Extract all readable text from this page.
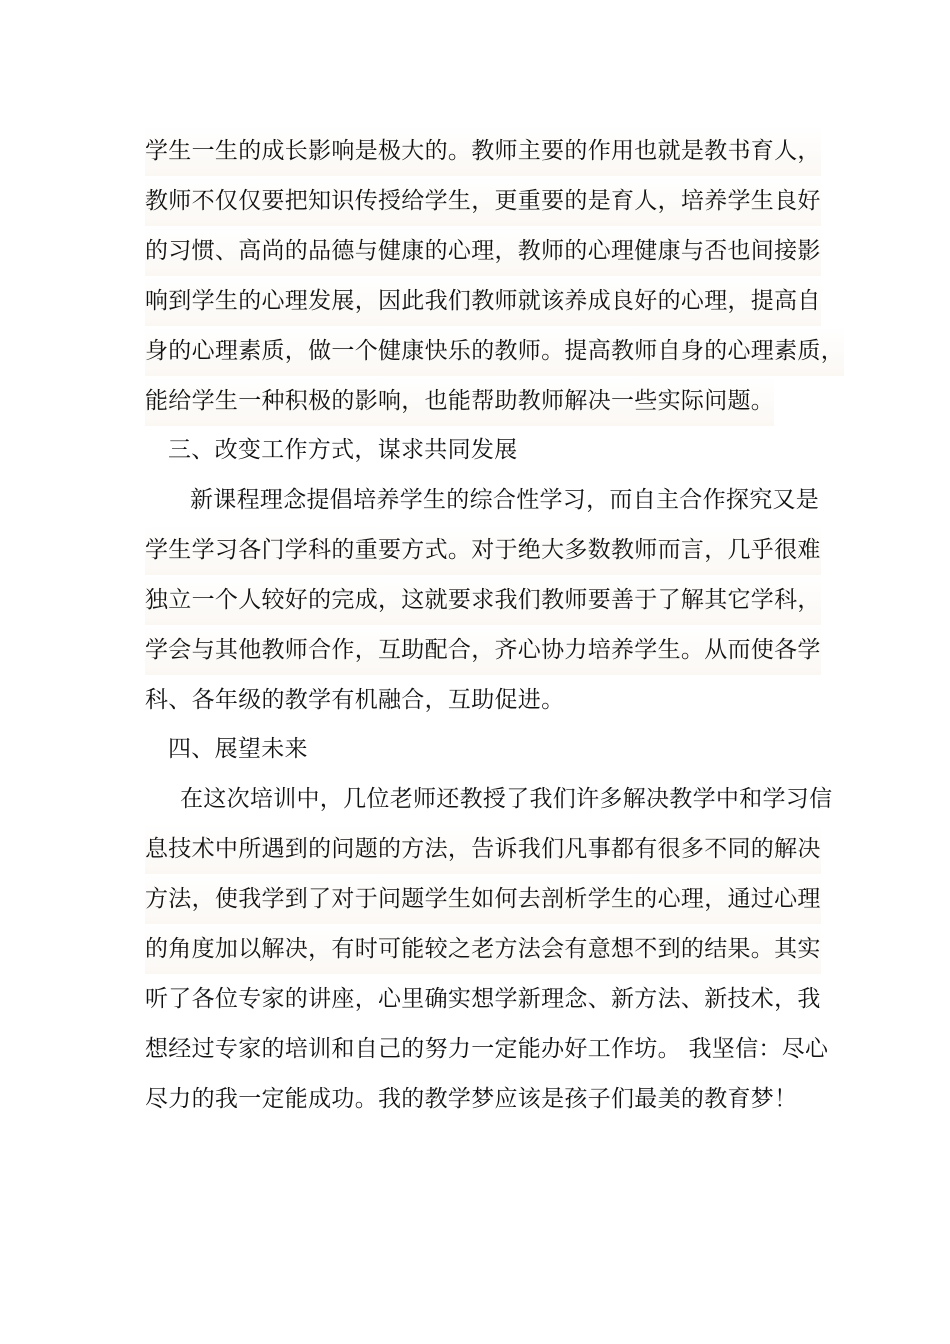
学生一生的成长影响是极大的。教师主要的作用也就是教书育人，
教师不仅仅要把知识传授给学生，更重要的是育人，培养学生良好
的习惯、高尚的品德与健康的心理，教师的心理健康与否也间接影
响到学生的心理发展，因此我们教师就该养成良好的心理，提高自
身的心理素质，做一个健康快乐的教师。提高教师自身的心理素质，
能给学生一种积极的影响，也能帮助教师解决一些实际问题。
三、改变工作方式，谋求共同发展
新课程理念提倡培养学生的综合性学习，而自主合作探究又是
学生学习各门学科的重要方式。对于绝大多数教师而言，几乎很难
独立一个人较好的完成，这就要求我们教师要善于了解其它学科，
学会与其他教师合作，互助配合，齐心协力培养学生。从而使各学
科、各年级的教学有机融合，互助促进。
四、展望未来
在这次培训中，几位老师还教授了我们许多解决教学中和学习信
息技术中所遇到的问题的方法，告诉我们凡事都有很多不同的解决
方法，使我学到了对于问题学生如何去剖析学生的心理，通过心理
的角度加以解决，有时可能较之老方法会有意想不到的结果。其实
听了各位专家的讲座，心里确实想学新理念、新方法、新技术，我
想经过专家的培训和自己的努力一定能办好工作坊。 我坚信：尽心
尽力的我一定能成功。我的教学梦应该是孩子们最美的教育梦！
